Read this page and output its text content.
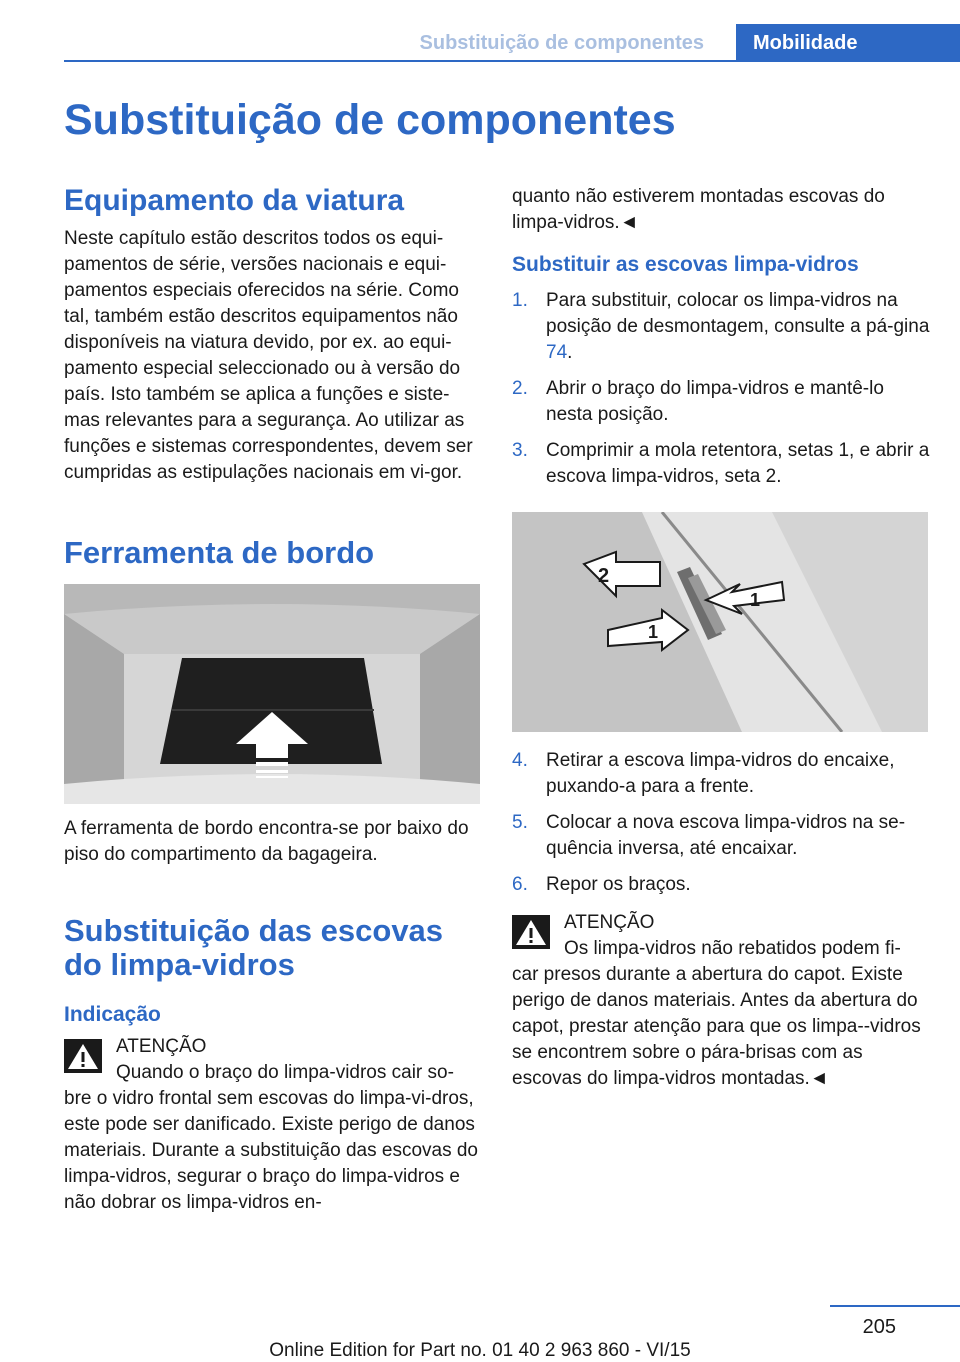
Substituição de componentes	Mobilidade
Substituição de componentes
Equipamento da viatura

Neste capítulo estão descritos todos os equi-pamentos de série, versões nacionais e equi-pamentos especiais oferecidos na série. Como tal, também estão descritos equipamentos não disponíveis na viatura devido, por ex. ao equi-pamento especial seleccionado ou à versão do país. Isto também se aplica a funções e siste-mas relevantes para a segurança. Ao utilizar as funções e sistemas correspondentes, devem ser cumpridas as estipulações nacionais em vi-gor.

Ferramenta de bordo

A ferramenta de bordo encontra-se por baixo do piso do compartimento da bagageira.

Substituição das escovas do limpa-vidros
Indicação

ATENÇÃO

Quando o braço do limpa-vidros cair so-

bre o vidro frontal sem escovas do limpa-vi-dros, este pode ser danificado. Existe perigo de danos materiais. Durante a substituição das escovas do limpa-vidros, segurar o braço do limpa-vidros e não dobrar os limpa-vidros en-

quanto não estiverem montadas escovas do limpa-vidros.◄

Substituir as escovas limpa-vidros
1. Para substituir, colocar os limpa-vidros na posição de desmontagem, consulte a pá-gina 74.
2. Abrir o braço do limpa-vidros e mantê-lo nesta posição.
3. Comprimir a mola retentora, setas 1, e abrir a escova limpa-vidros, seta 2.
2
1
1
4. Retirar a escova limpa-vidros do encaixe, puxando-a para a frente.
5. Colocar a nova escova limpa-vidros na se-quência inversa, até encaixar.
6. Repor os braços.

ATENÇÃO

Os limpa-vidros não rebatidos podem fi-

car presos durante a abertura do capot. Existe perigo de danos materiais. Antes da abertura do capot, prestar atenção para que os limpa--vidros se encontrem sobre o pára-brisas com as escovas do limpa-vidros montadas.◄

205
Online Edition for Part no. 01 40 2 963 860 - VI/15
